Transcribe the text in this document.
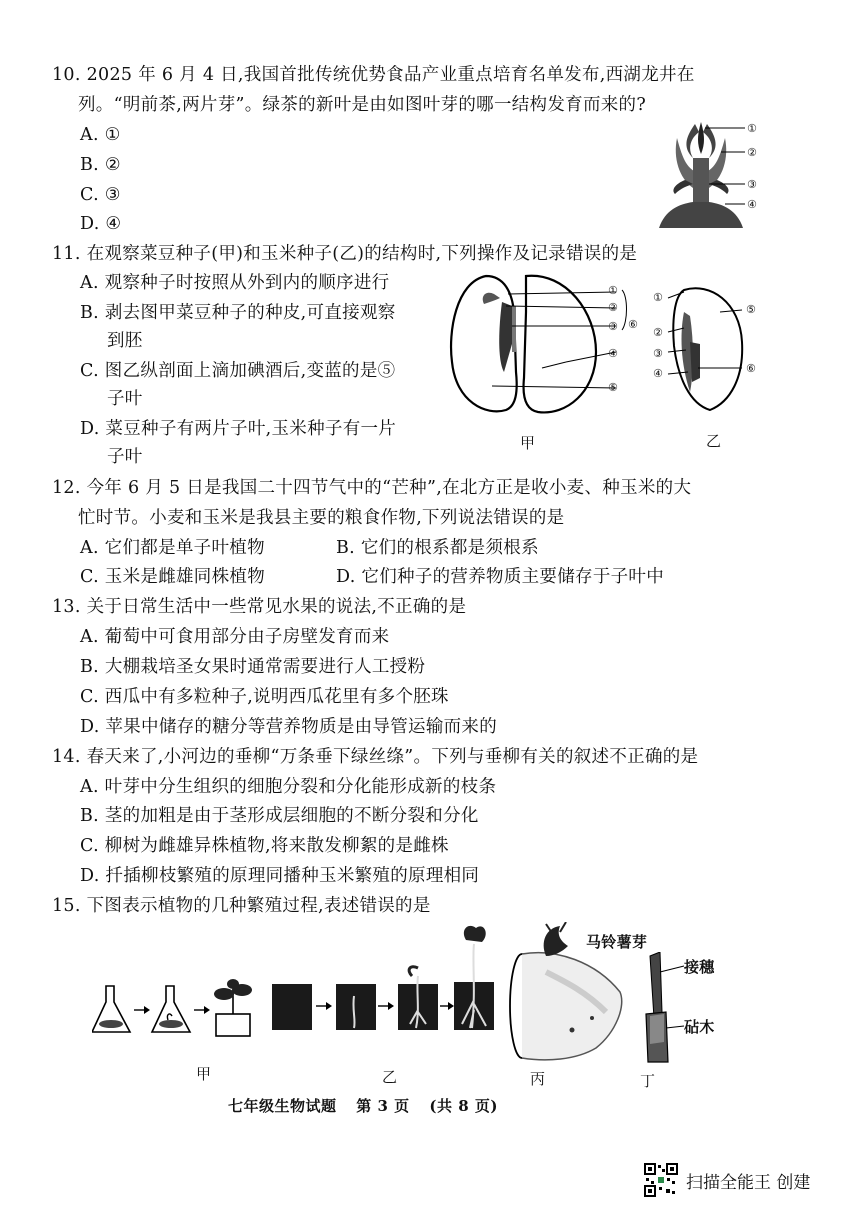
10. 2025 年 6 月 4 日,我国首批传统优势食品产业重点培育名单发布,西湖龙井在
列。“明前茶,两片芽”。绿茶的新叶是由如图叶芽的哪一结构发育而来的?
A. ①
B. ②
C. ③
D. ④
①
②
③
④
11. 在观察菜豆种子(甲)和玉米种子(乙)的结构时,下列操作及记录错误的是
A. 观察种子时按照从外到内的顺序进行
B. 剥去图甲菜豆种子的种皮,可直接观察
到胚
C. 图乙纵剖面上滴加碘酒后,变蓝的是⑤
子叶
D. 菜豆种子有两片子叶,玉米种子有一片
子叶
①
②
③
④
⑤
⑥
甲
①
②
③
④
⑤
⑥
乙
12. 今年 6 月 5 日是我国二十四节气中的“芒种”,在北方正是收小麦、种玉米的大
忙时节。小麦和玉米是我县主要的粮食作物,下列说法错误的是
A. 它们都是单子叶植物	B. 它们的根系都是须根系
C. 玉米是雌雄同株植物	D. 它们种子的营养物质主要储存于子叶中
13. 关于日常生活中一些常见水果的说法,不正确的是
A. 葡萄中可食用部分由子房壁发育而来
B. 大棚栽培圣女果时通常需要进行人工授粉
C. 西瓜中有多粒种子,说明西瓜花里有多个胚珠
D. 苹果中储存的糖分等营养物质是由导管运输而来的
14. 春天来了,小河边的垂柳“万条垂下绿丝绦”。下列与垂柳有关的叙述不正确的是
A. 叶芽中分生组织的细胞分裂和分化能形成新的枝条
B. 茎的加粗是由于茎形成层细胞的不断分裂和分化
C. 柳树为雌雄异株植物,将来散发柳絮的是雌株
D. 扦插柳枝繁殖的原理同播种玉米繁殖的原理相同
15. 下图表示植物的几种繁殖过程,表述错误的是
马铃薯芽
接穗
砧木
甲	乙	丙	丁
七年级生物试题 第 3 页 (共 8 页)
扫描全能王 创建
